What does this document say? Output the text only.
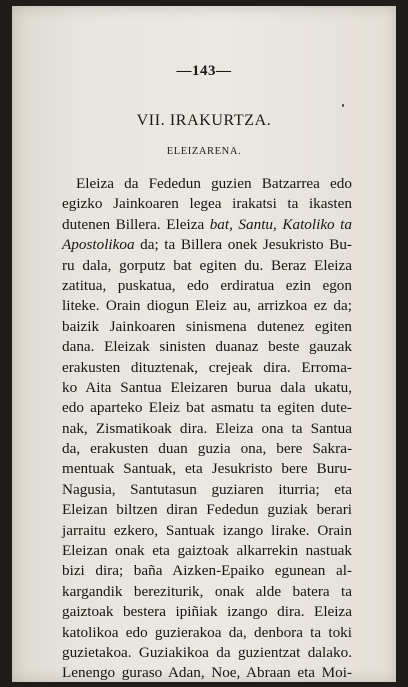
—143—
VII. IRAKURTZA.
ELEIZARENA.
Eleiza da Fededun guzien Batzarrea edo
egizko Jainkoaren legea irakatsi ta ikasten
dutenen Billera. Eleiza bat, Santu, Katoliko ta
Apostolikoa da; ta Billera onek Jesukristo Bu-
ru dala, gorputz bat egiten du. Beraz Eleiza
zatitua, puskatua, edo erdiratua ezin egon
liteke. Orain diogun Eleiz au, arrizkoa ez da;
baizik Jainkoaren sinismena dutenez egiten
dana. Eleizak sinisten duanaz beste gauzak
erakusten dituztenak, crejeak dira. Erroma-
ko Aita Santua Eleizaren burua dala ukatu,
edo aparteko Eleiz bat asmatu ta egiten dute-
nak, Zismatikoak dira. Eleiza ona ta Santua
da, erakusten duan guzia ona, bere Sakra-
mentuak Santuak, eta Jesukristo bere Buru-
Nagusia, Santutasun guziaren iturria; eta
Eleizan biltzen diran Fededun guziak berari
jarraitu ezkero, Santuak izango lirake. Orain
Eleizan onak eta gaiztoak alkarrekin nastuak
bizi dira; baña Aizken-Epaiko egunean al-
kargandik bereziturik, onak alde batera ta
gaiztoak bestera ipiñiak izango dira. Eleiza
katolikoa edo guzierakoa da, denbora ta toki
guzietakoa. Guziakikoa da guzientzat dalako.
Lenengo guraso Adan, Noe, Abraan eta Moi-
